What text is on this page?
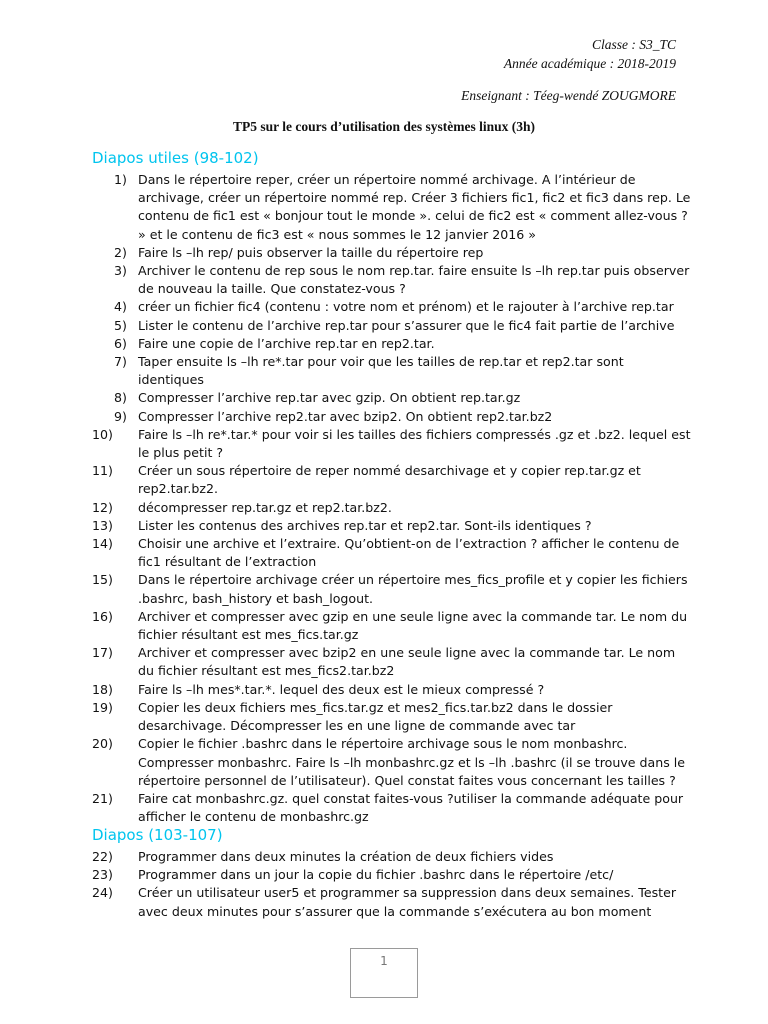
Classe : S3_TC
Année académique : 2018-2019
Enseignant : Téeg-wendé ZOUGMORE
TP5 sur le cours d’utilisation des systèmes linux (3h)
Diapos utiles (98-102)
1) Dans le répertoire reper, créer un répertoire nommé archivage. A l’intérieur de archivage, créer un répertoire nommé rep. Créer 3 fichiers fic1, fic2 et fic3 dans rep. Le contenu de fic1 est « bonjour tout le monde ». celui de fic2 est « comment allez-vous ? » et le contenu de fic3 est « nous sommes le 12 janvier 2016 »
2) Faire ls –lh rep/ puis observer la taille du répertoire rep
3) Archiver le contenu de rep sous le nom rep.tar. faire ensuite ls –lh rep.tar puis observer de nouveau la taille. Que constatez-vous ?
4) créer un fichier fic4 (contenu : votre nom et prénom) et le rajouter à l’archive rep.tar
5) Lister le contenu de l’archive rep.tar pour s’assurer que le fic4 fait partie de l’archive
6) Faire une copie de l’archive rep.tar en rep2.tar.
7) Taper ensuite ls –lh re*.tar pour voir que les tailles de rep.tar et rep2.tar sont identiques
8) Compresser l’archive rep.tar avec gzip. On obtient rep.tar.gz
9) Compresser l’archive rep2.tar avec bzip2. On obtient rep2.tar.bz2
10) Faire ls –lh re*.tar.* pour voir si les tailles des fichiers compressés .gz et .bz2. lequel est le plus petit ?
11) Créer un sous répertoire de reper nommé desarchivage et y copier rep.tar.gz et rep2.tar.bz2.
12) décompresser rep.tar.gz et rep2.tar.bz2.
13) Lister les contenus des archives rep.tar et rep2.tar. Sont-ils identiques ?
14) Choisir une archive et l’extraire. Qu’obtient-on de l’extraction ? afficher le contenu de fic1 résultant de l’extraction
15) Dans le répertoire archivage créer un répertoire mes_fics_profile et y copier les fichiers .bashrc, bash_history et bash_logout.
16) Archiver et compresser avec gzip en une seule ligne avec la commande tar. Le nom du fichier résultant est mes_fics.tar.gz
17) Archiver et compresser avec bzip2 en une seule ligne avec la commande tar. Le nom du fichier résultant est mes_fics2.tar.bz2
18) Faire ls –lh mes*.tar.*. lequel des deux est le mieux compressé ?
19) Copier les deux fichiers mes_fics.tar.gz et mes2_fics.tar.bz2 dans le dossier desarchivage. Décompresser les en une ligne de commande avec tar
20) Copier le fichier .bashrc dans le répertoire archivage sous le nom monbashrc. Compresser monbashrc. Faire ls –lh monbashrc.gz et ls –lh .bashrc (il se trouve dans le répertoire personnel de l’utilisateur). Quel constat faites vous concernant les tailles ?
21) Faire cat monbashrc.gz. quel constat faites-vous ?utiliser la commande adéquate pour afficher le contenu de monbashrc.gz
Diapos (103-107)
22) Programmer dans deux minutes la création de deux fichiers vides
23) Programmer dans un jour la copie du fichier .bashrc dans le répertoire /etc/
24) Créer un utilisateur user5 et programmer sa suppression dans deux semaines. Tester avec deux minutes pour s’assurer que la commande s’exécutera au bon moment
1
